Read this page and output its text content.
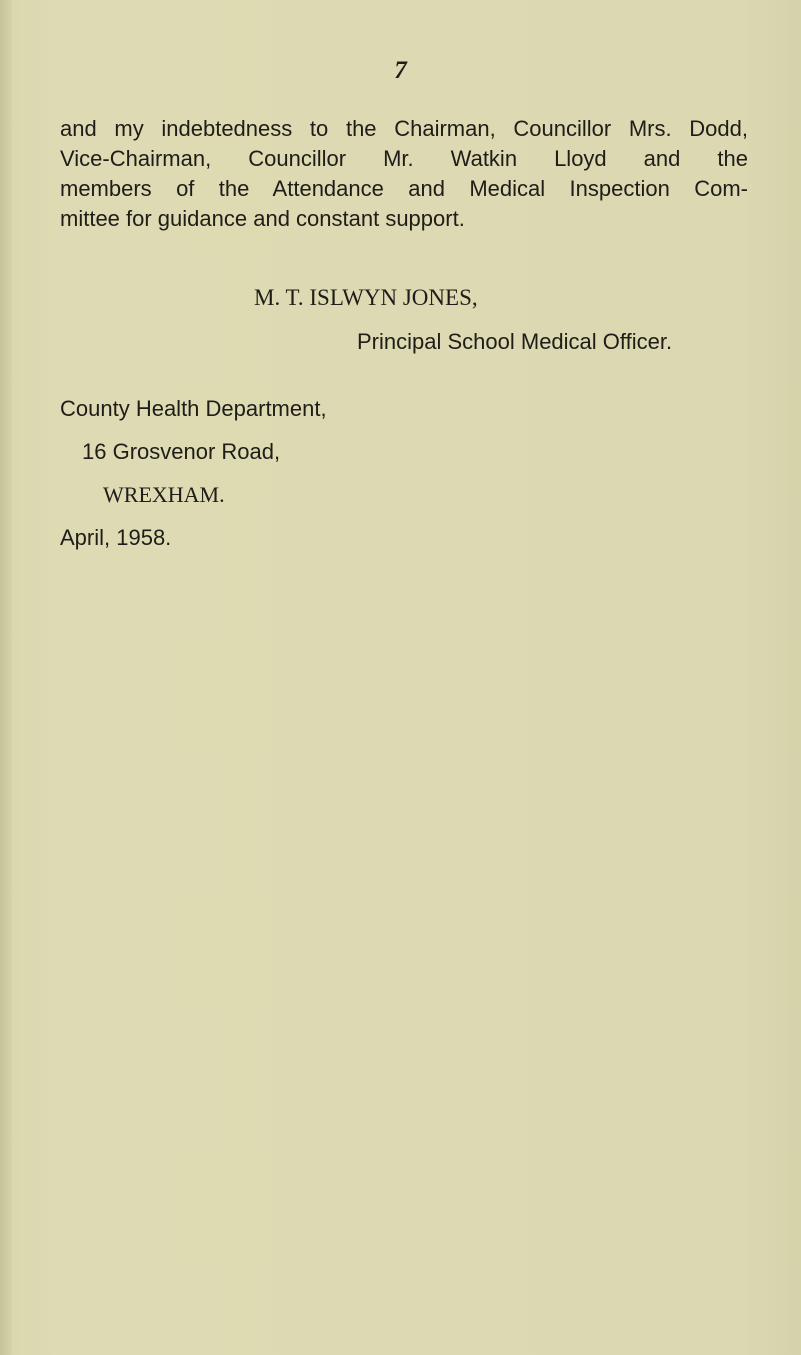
7

and my indebtedness to the Chairman, Councillor Mrs. Dodd,
Vice-Chairman, Councillor Mr. Watkin Lloyd and the
members of the Attendance and Medical Inspection Com-
mittee for guidance and constant support.

M. T. ISLWYN JONES,
Principal School Medical Officer.
County Health Department,
16 Grosvenor Road,
WREXHAM.
April, 1958.
